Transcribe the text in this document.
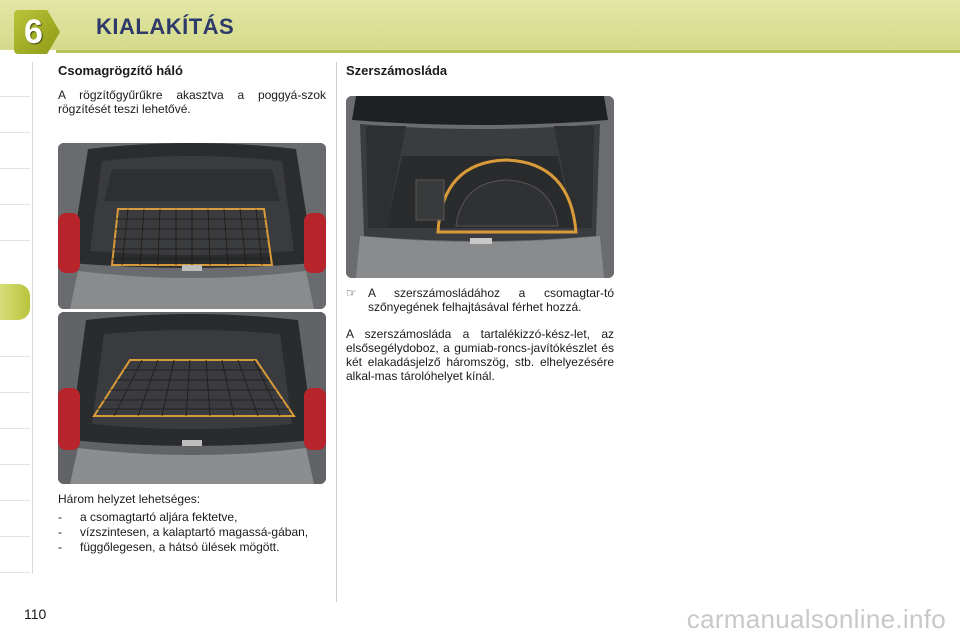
6	KIALAKÍTÁS
Csomagrögzítő háló

A rögzítőgyűrűkre akasztva a poggyá-szok rögzítését teszi lehetővé.

Három helyzet lehetséges:

- a csomagtartó aljára fektetve,
- vízszintesen, a kalaptartó magassá-gában,
- függőlegesen, a hátsó ülések mögött.
Szerszámosláda
☞ A szerszámosládához a csomagtar-tó szőnyegének felhajtásával férhet hozzá.

A szerszámosláda a tartalékizzó-kész-let, az elsősegélydoboz, a gumiab-roncs-javítókészlet és két elakadásjelző háromszög, stb. elhelyezésére alkal-mas tárolóhelyet kínál.

110	carmanualsonline.info
